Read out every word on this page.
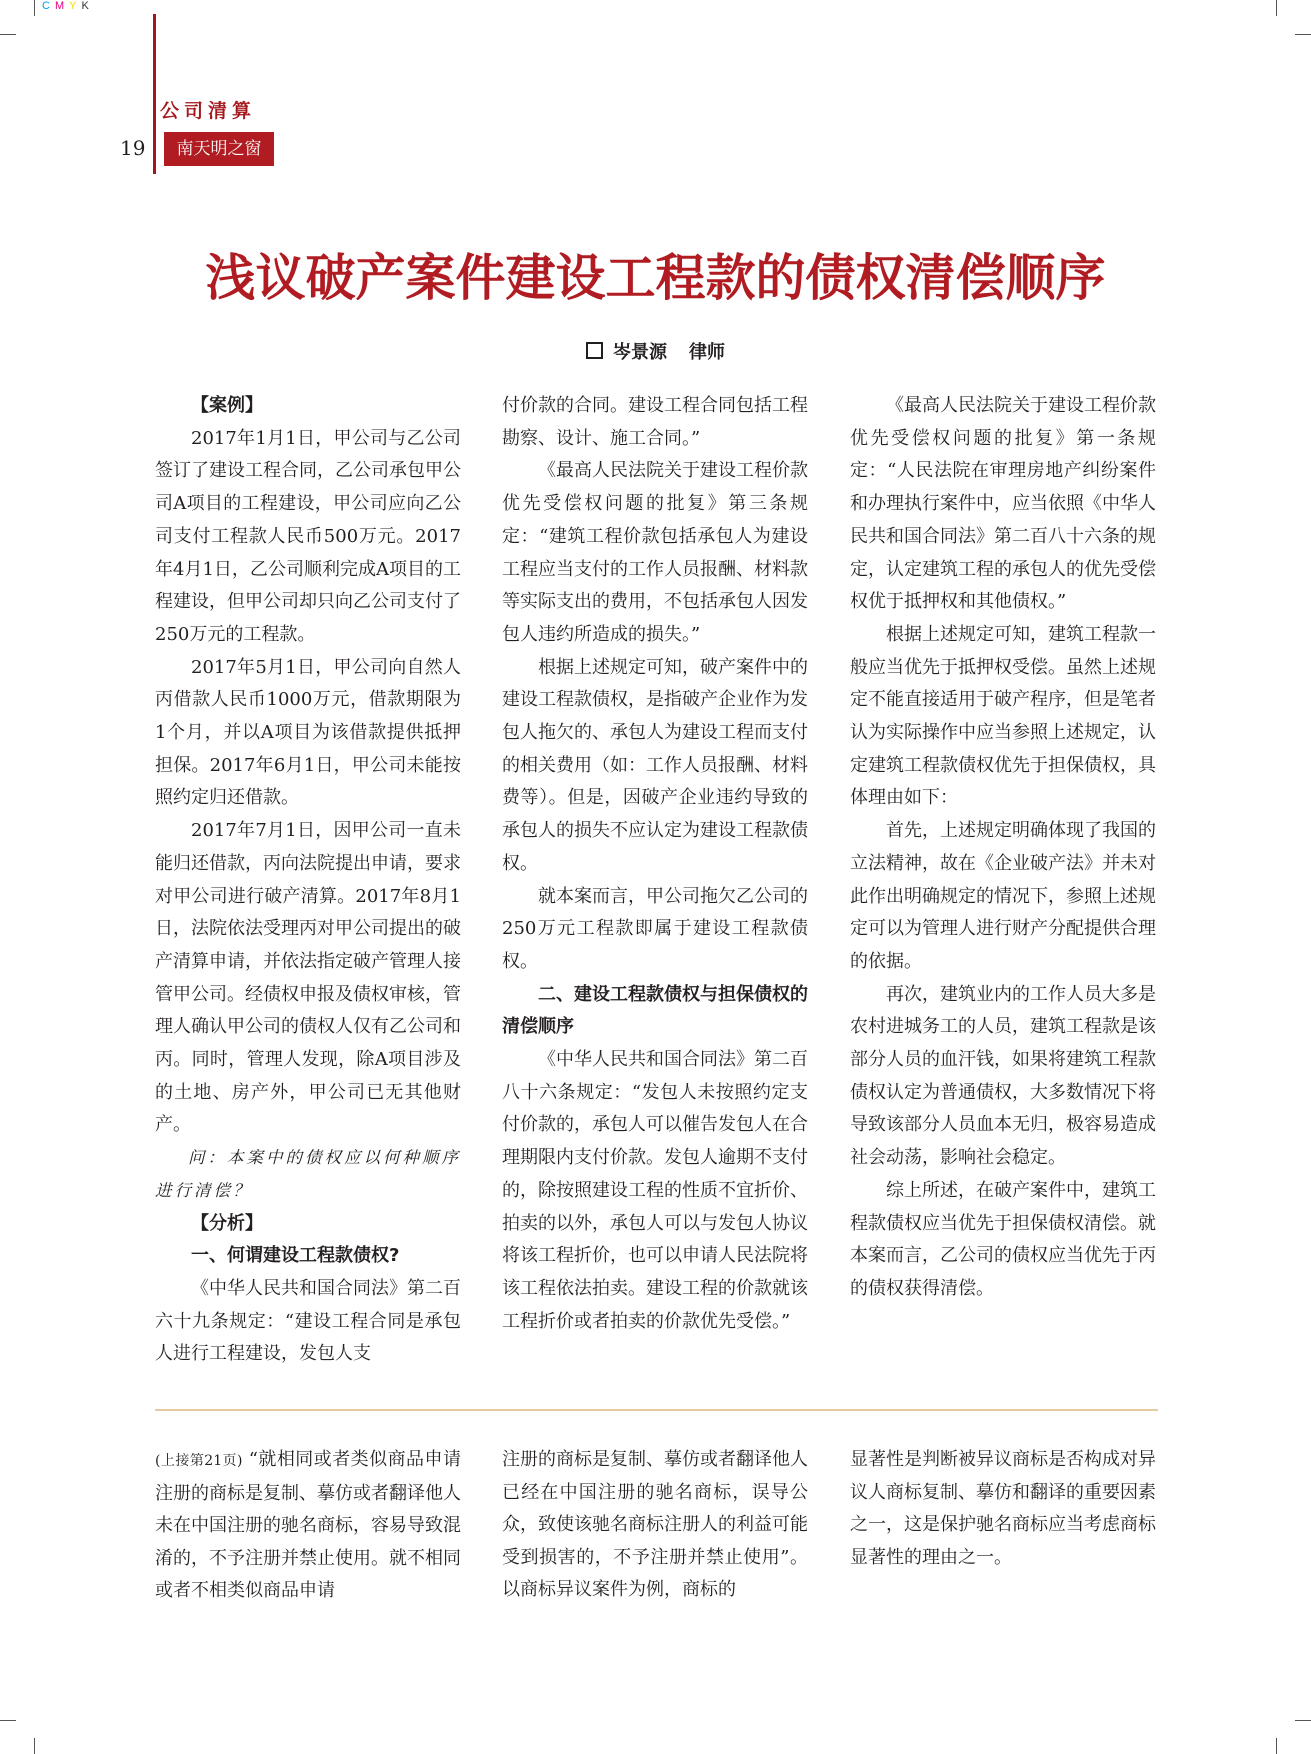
CMYK
公司清算
19	南天明之窗
浅议破产案件建设工程款的债权清偿顺序
岑景源 律师

【案例】

2017年1月1日，甲公司与乙公司签订了建设工程合同，乙公司承包甲公司A项目的工程建设，甲公司应向乙公司支付工程款人民币500万元。2017年4月1日，乙公司顺利完成A项目的工程建设，但甲公司却只向乙公司支付了250万元的工程款。

2017年5月1日，甲公司向自然人丙借款人民币1000万元，借款期限为1个月，并以A项目为该借款提供抵押担保。2017年6月1日，甲公司未能按照约定归还借款。

2017年7月1日，因甲公司一直未能归还借款，丙向法院提出申请，要求对甲公司进行破产清算。2017年8月1日，法院依法受理丙对甲公司提出的破产清算申请，并依法指定破产管理人接管甲公司。经债权申报及债权审核，管理人确认甲公司的债权人仅有乙公司和丙。同时，管理人发现，除A项目涉及的土地、房产外，甲公司已无其他财产。

问：本案中的债权应以何种顺序进行清偿？

【分析】

一、何谓建设工程款债权?

《中华人民共和国合同法》第二百六十九条规定：“建设工程合同是承包人进行工程建设，发包人支

付价款的合同。建设工程合同包括工程勘察、设计、施工合同。”

《最高人民法院关于建设工程价款优先受偿权问题的批复》第三条规定：“建筑工程价款包括承包人为建设工程应当支付的工作人员报酬、材料款等实际支出的费用，不包括承包人因发包人违约所造成的损失。”

根据上述规定可知，破产案件中的建设工程款债权，是指破产企业作为发包人拖欠的、承包人为建设工程而支付的相关费用（如：工作人员报酬、材料费等）。但是，因破产企业违约导致的承包人的损失不应认定为建设工程款债权。

就本案而言，甲公司拖欠乙公司的250万元工程款即属于建设工程款债权。

二、建设工程款债权与担保债权的清偿顺序

《中华人民共和国合同法》第二百八十六条规定：“发包人未按照约定支付价款的，承包人可以催告发包人在合理期限内支付价款。发包人逾期不支付的，除按照建设工程的性质不宜折价、拍卖的以外，承包人可以与发包人协议将该工程折价，也可以申请人民法院将该工程依法拍卖。建设工程的价款就该工程折价或者拍卖的价款优先受偿。”

《最高人民法院关于建设工程价款优先受偿权问题的批复》第一条规定：“人民法院在审理房地产纠纷案件和办理执行案件中，应当依照《中华人民共和国合同法》第二百八十六条的规定，认定建筑工程的承包人的优先受偿权优于抵押权和其他债权。”

根据上述规定可知，建筑工程款一般应当优先于抵押权受偿。虽然上述规定不能直接适用于破产程序，但是笔者认为实际操作中应当参照上述规定，认定建筑工程款债权优先于担保债权，具体理由如下：

首先，上述规定明确体现了我国的立法精神，故在《企业破产法》并未对此作出明确规定的情况下，参照上述规定可以为管理人进行财产分配提供合理的依据。

再次，建筑业内的工作人员大多是农村进城务工的人员，建筑工程款是该部分人员的血汗钱，如果将建筑工程款债权认定为普通债权，大多数情况下将导致该部分人员血本无归，极容易造成社会动荡，影响社会稳定。

综上所述，在破产案件中，建筑工程款债权应当优先于担保债权清偿。就本案而言，乙公司的债权应当优先于丙的债权获得清偿。

(上接第21页) “就相同或者类似商品申请注册的商标是复制、摹仿或者翻译他人未在中国注册的驰名商标，容易导致混淆的，不予注册并禁止使用。就不相同或者不相类似商品申请

注册的商标是复制、摹仿或者翻译他人已经在中国注册的驰名商标，误导公众，致使该驰名商标注册人的利益可能受到损害的，不予注册并禁止使用”。以商标异议案件为例，商标的

显著性是判断被异议商标是否构成对异议人商标复制、摹仿和翻译的重要因素之一，这是保护驰名商标应当考虑商标显著性的理由之一。
